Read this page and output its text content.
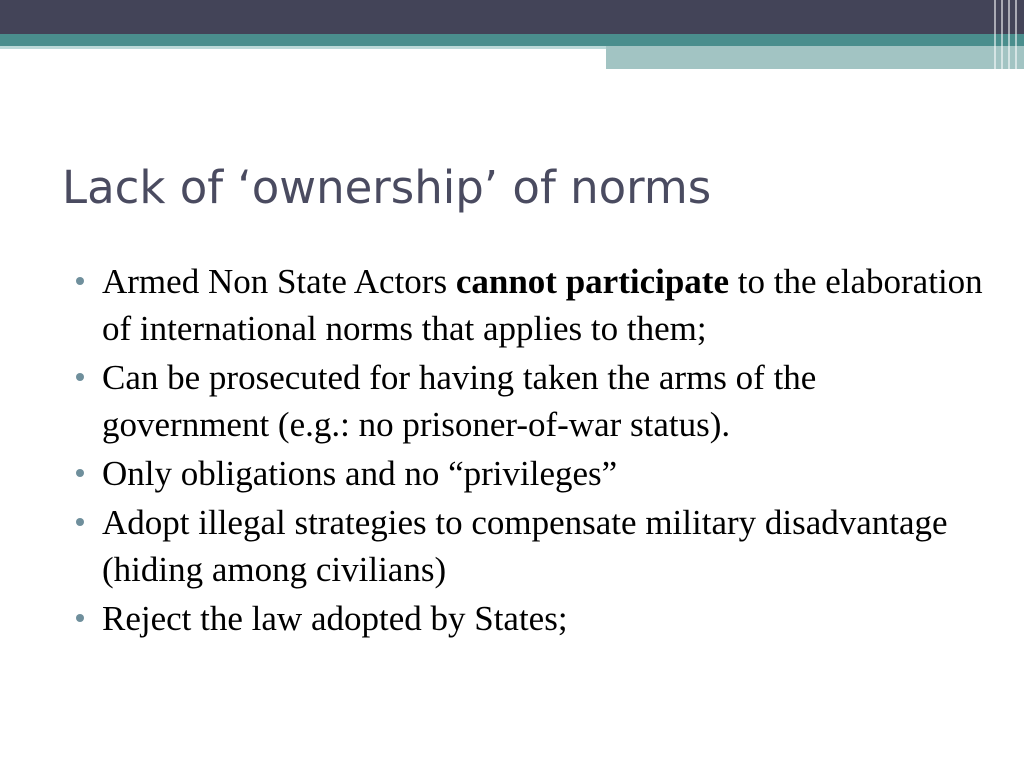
Lack of ‘ownership’ of norms
Armed Non State Actors cannot participate to the elaboration of international norms that applies to them;
Can be prosecuted for having taken the arms of the government (e.g.: no prisoner-of-war status).
Only obligations and no “privileges”
Adopt illegal strategies to compensate military disadvantage (hiding among civilians)
Reject the law adopted by States;
